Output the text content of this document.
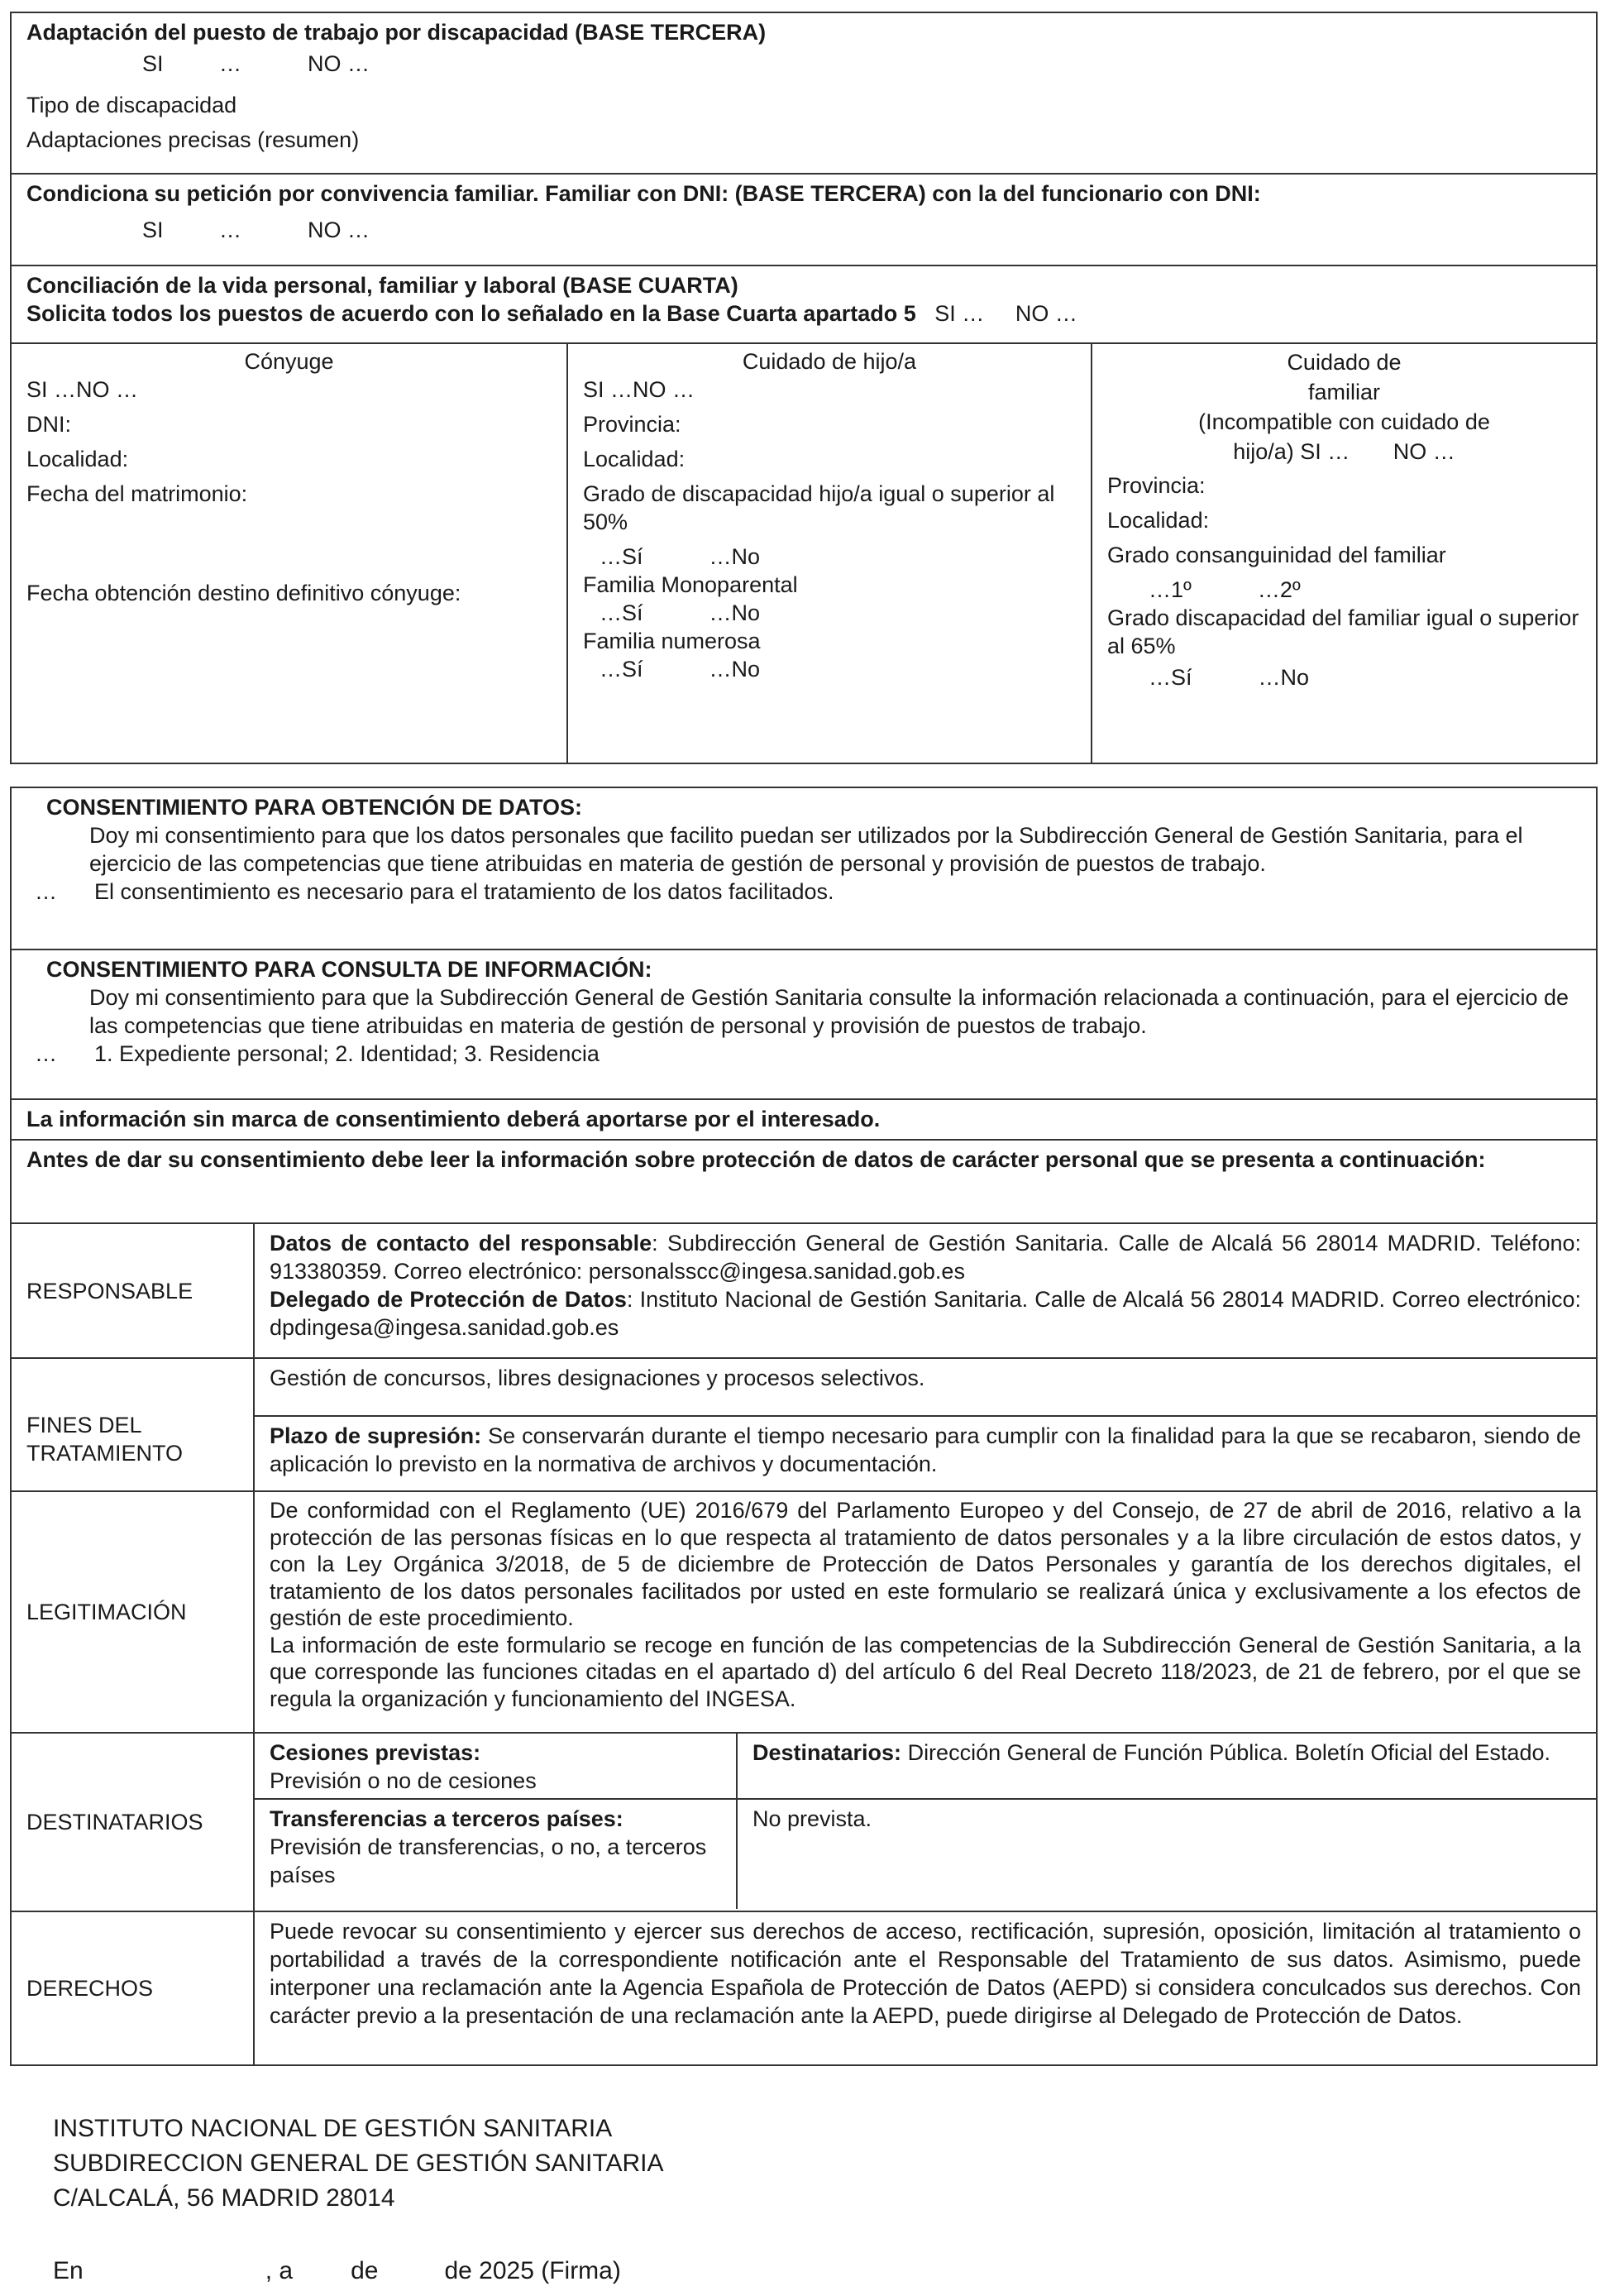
Adaptación del puesto de trabajo por discapacidad (BASE TERCERA)
SI	…	NO …
Tipo de discapacidad
Adaptaciones precisas (resumen)
Condiciona su petición por convivencia familiar. Familiar con DNI: (BASE TERCERA) con la del funcionario con DNI:
SI	…	NO …
Conciliación de la vida personal, familiar y laboral (BASE CUARTA)
Solicita todos los puestos de acuerdo con lo señalado en la Base Cuarta apartado 5 SI … NO …
Cónyuge
SI …NO …
DNI:
Localidad:
Fecha del matrimonio:
Fecha obtención destino definitivo cónyuge:
Cuidado de hijo/a
SI …NO …
Provincia:
Localidad:
Grado de discapacidad hijo/a igual o superior al 50%
…Sí	…No
Familia Monoparental
…Sí	…No
Familia numerosa
…Sí	…No
Cuidado de
familiar
(Incompatible con cuidado de
hijo/a) SI … NO …
Provincia:
Localidad:
Grado consanguinidad del familiar
…1º	…2º
Grado discapacidad del familiar igual o superior al 65%
…Sí	…No
CONSENTIMIENTO PARA OBTENCIÓN DE DATOS:
Doy mi consentimiento para que los datos personales que facilito puedan ser utilizados por la Subdirección General de Gestión Sanitaria, para el ejercicio de las competencias que tiene atribuidas en materia de gestión de personal y provisión de puestos de trabajo.
… El consentimiento es necesario para el tratamiento de los datos facilitados.
CONSENTIMIENTO PARA CONSULTA DE INFORMACIÓN:
Doy mi consentimiento para que la Subdirección General de Gestión Sanitaria consulte la información relacionada a continuación, para el ejercicio de las competencias que tiene atribuidas en materia de gestión de personal y provisión de puestos de trabajo.
… 1. Expediente personal; 2. Identidad; 3. Residencia
La información sin marca de consentimiento deberá aportarse por el interesado.
Antes de dar su consentimiento debe leer la información sobre protección de datos de carácter personal que se presenta a continuación:
RESPONSABLE
Datos de contacto del responsable: Subdirección General de Gestión Sanitaria. Calle de Alcalá 56 28014 MADRID. Teléfono: 913380359. Correo electrónico: personalsscc@ingesa.sanidad.gob.es
Delegado de Protección de Datos: Instituto Nacional de Gestión Sanitaria. Calle de Alcalá 56 28014 MADRID. Correo electrónico: dpdingesa@ingesa.sanidad.gob.es
FINES DEL TRATAMIENTO
Gestión de concursos, libres designaciones y procesos selectivos.
Plazo de supresión: Se conservarán durante el tiempo necesario para cumplir con la finalidad para la que se recabaron, siendo de aplicación lo previsto en la normativa de archivos y documentación.
LEGITIMACIÓN
De conformidad con el Reglamento (UE) 2016/679 del Parlamento Europeo y del Consejo, de 27 de abril de 2016, relativo a la protección de las personas físicas en lo que respecta al tratamiento de datos personales y a la libre circulación de estos datos, y con la Ley Orgánica 3/2018, de 5 de diciembre de Protección de Datos Personales y garantía de los derechos digitales, el tratamiento de los datos personales facilitados por usted en este formulario se realizará única y exclusivamente a los efectos de gestión de este procedimiento.
La información de este formulario se recoge en función de las competencias de la Subdirección General de Gestión Sanitaria, a la que corresponde las funciones citadas en el apartado d) del artículo 6 del Real Decreto 118/2023, de 21 de febrero, por el que se regula la organización y funcionamiento del INGESA.
DESTINATARIOS
Cesiones previstas:
Previsión o no de cesiones
Destinatarios: Dirección General de Función Pública. Boletín Oficial del Estado.
Transferencias a terceros países:
Previsión de transferencias, o no, a terceros países
No prevista.
DERECHOS
Puede revocar su consentimiento y ejercer sus derechos de acceso, rectificación, supresión, oposición, limitación al tratamiento o portabilidad a través de la correspondiente notificación ante el Responsable del Tratamiento de sus datos. Asimismo, puede interponer una reclamación ante la Agencia Española de Protección de Datos (AEPD) si considera conculcados sus derechos. Con carácter previo a la presentación de una reclamación ante la AEPD, puede dirigirse al Delegado de Protección de Datos.
INSTITUTO NACIONAL DE GESTIÓN SANITARIA
SUBDIRECCION GENERAL DE GESTIÓN SANITARIA
C/ALCALÁ, 56 MADRID 28014
En	, a de	de 2025 (Firma)
